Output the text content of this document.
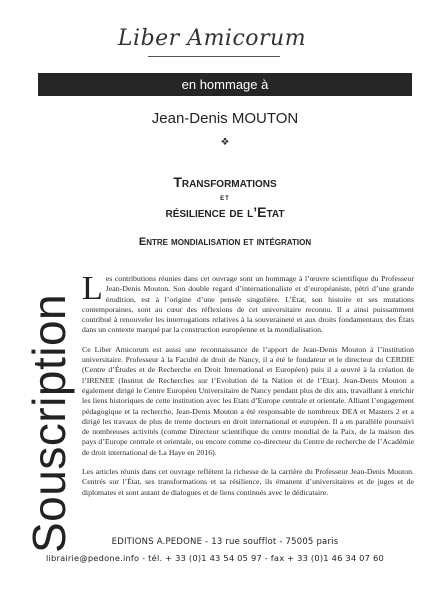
Liber Amicorum
en hommage à
Jean-Denis MOUTON
❖
Transformations
et
résilience de l’Etat
Entre mondialisation et intégration
Souscription

Les contributions réunies dans cet ouvrage sont un hommage à l’œuvre scientifique du Professeur Jean-Denis Mouton. Son double regard d’internationaliste et d’européaniste, pétri d’une grande érudition, est à l’origine d’une pensée singulière. L’État, son histoire et ses mutations contemporaines, sont au cœur des réflexions de cet universitaire reconnu. Il a ainsi puissamment contribué à renouveler les interrogations relatives à la souveraineté et aux droits fondamentaux des États dans un contexte marqué par la construction européenne et la mondialisation.

Ce Liber Amicorum est aussi une reconnaissance de l’apport de Jean-Denis Mouton à l’institution universitaire. Professeur à la Faculté de droit de Nancy, il a été le fondateur et le directeur du CERDIE (Centre d’Études et de Recherche en Droit International et Européen) puis il a œuvré à la création de l’IRENEE (Institut de Recherches sur l’Evolution de la Nation et de l’Etat). Jean-Denis Mouton a également dirigé le Centre Européen Universitaire de Nancy pendant plus de dix ans, travaillant à enrichir les liens historiques de cette institution avec les Etats d’Europe centrale et orientale. Alliant l’engagement pédagogique et la recherche, Jean-Denis Mouton a été responsable de nombreux DEA et Masters 2 et a dirigé les travaux de plus de trente docteurs en droit international et européen. Il a en parallèle poursuivi de nombreuses activités (comme Directeur scientifique du centre mondial de la Paix, de la maison des pays d’Europe centrale et orientale, ou encore comme co-directeur du Centre de recherche de l’Académie de droit international de La Haye en 2016).

Les articles réunis dans cet ouvrage reflètent la richesse de la carrière du Professeur Jean-Denis Mouton. Centrés sur l’État, ses transformations et sa résilience, ils émanent d’universitaires et de juges et de diplomates et sont autant de dialogues et de liens continués avec le dédicataire.

EDITIONS A.PEDONE - 13 rue soufflot - 75005 paris
librairie@pedone.info - tél. + 33 (0)1 43 54 05 97 - fax + 33 (0)1 46 34 07 60
